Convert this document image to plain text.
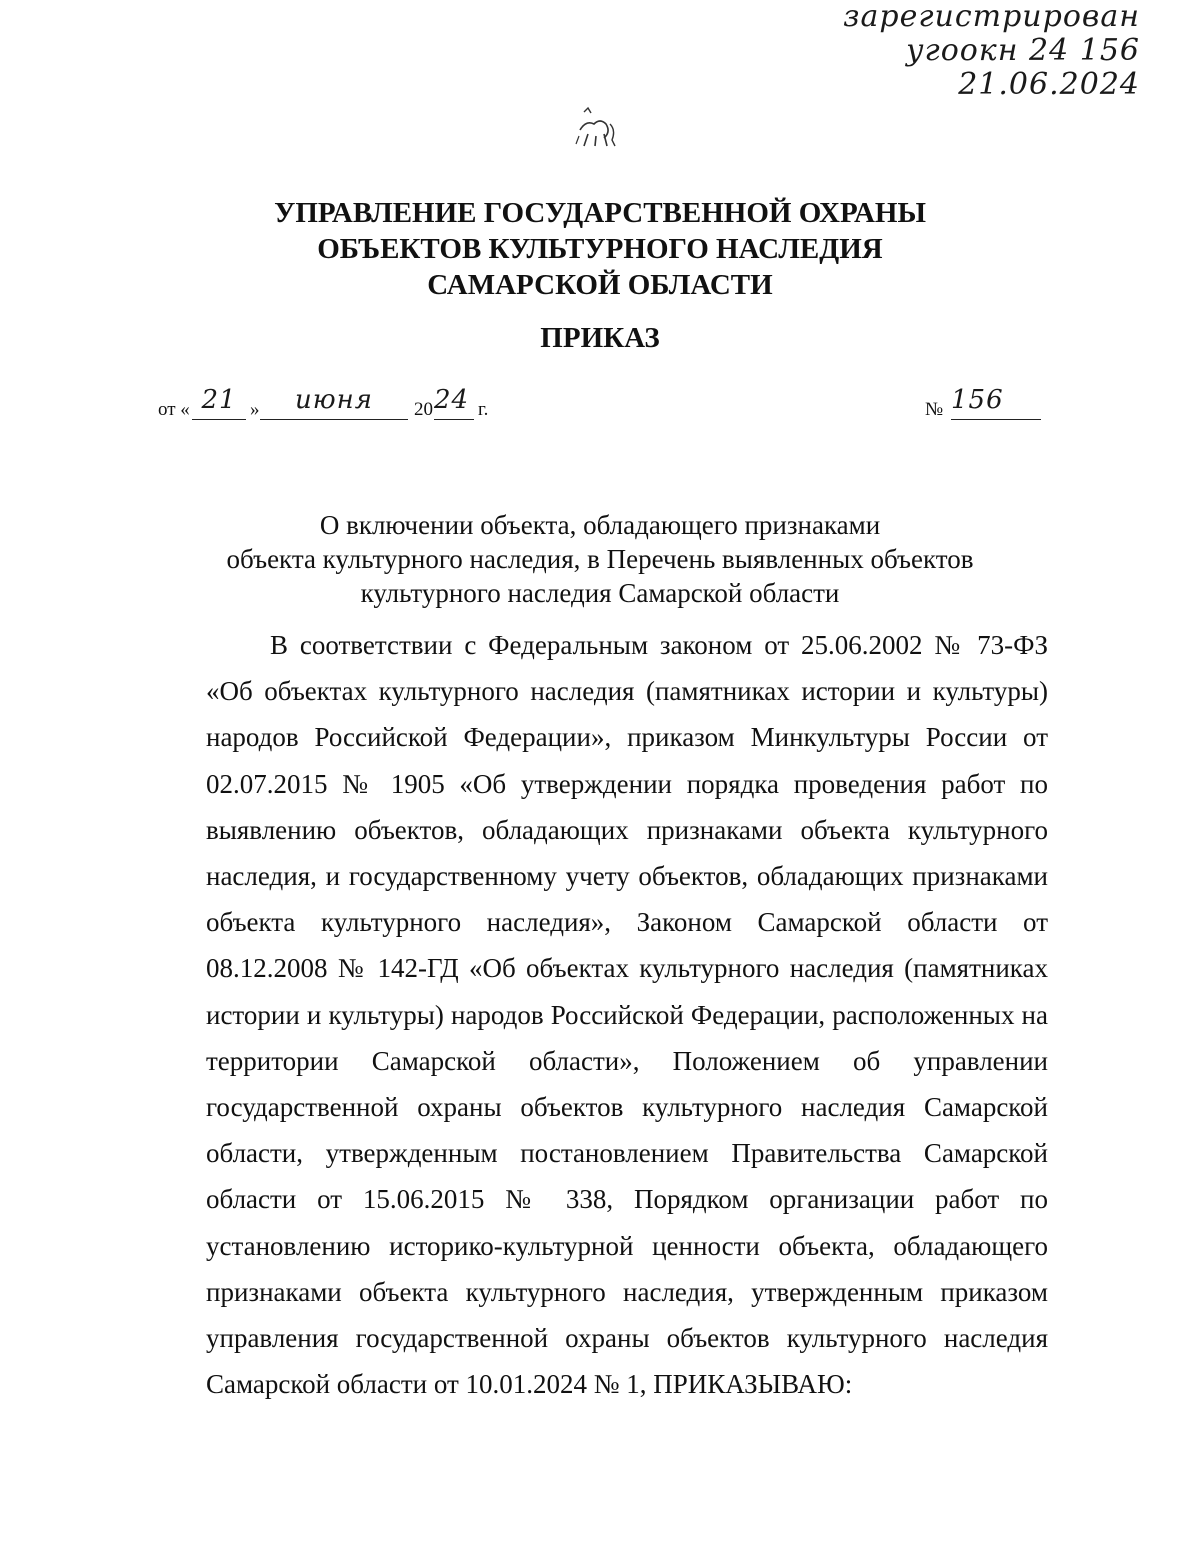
зарегистрирован
угоокн 24 156
21.06.2024
УПРАВЛЕНИЕ ГОСУДАРСТВЕННОЙ ОХРАНЫ
ОБЪЕКТОВ КУЛЬТУРНОГО НАСЛЕДИЯ
САМАРСКОЙ ОБЛАСТИ
ПРИКАЗ
от « 21 »	июня	20 24 г.	№ 156
О включении объекта, обладающего признаками
объекта культурного наследия, в Перечень выявленных объектов
культурного наследия Самарской области

В соответствии с Федеральным законом от 25.06.2002 № 73-ФЗ «Об объектах культурного наследия (памятниках истории и культуры) народов Российской Федерации», приказом Минкультуры России от 02.07.2015 № 1905 «Об утверждении порядка проведения работ по выявлению объектов, обладающих признаками объекта культурного наследия, и государственному учету объектов, обладающих признаками объекта культурного наследия», Законом Самарской области от 08.12.2008 № 142-ГД «Об объектах культурного наследия (памятниках истории и культуры) народов Российской Федерации, расположенных на территории Самарской области», Положением об управлении государственной охраны объектов культурного наследия Самарской области, утвержденным постановлением Правительства Самарской области от 15.06.2015 № 338, Порядком организации работ по установлению историко-культурной ценности объекта, обладающего признаками объекта культурного наследия, утвержденным приказом управления государственной охраны объектов культурного наследия Самарской области от 10.01.2024 № 1, ПРИКАЗЫВАЮ:
